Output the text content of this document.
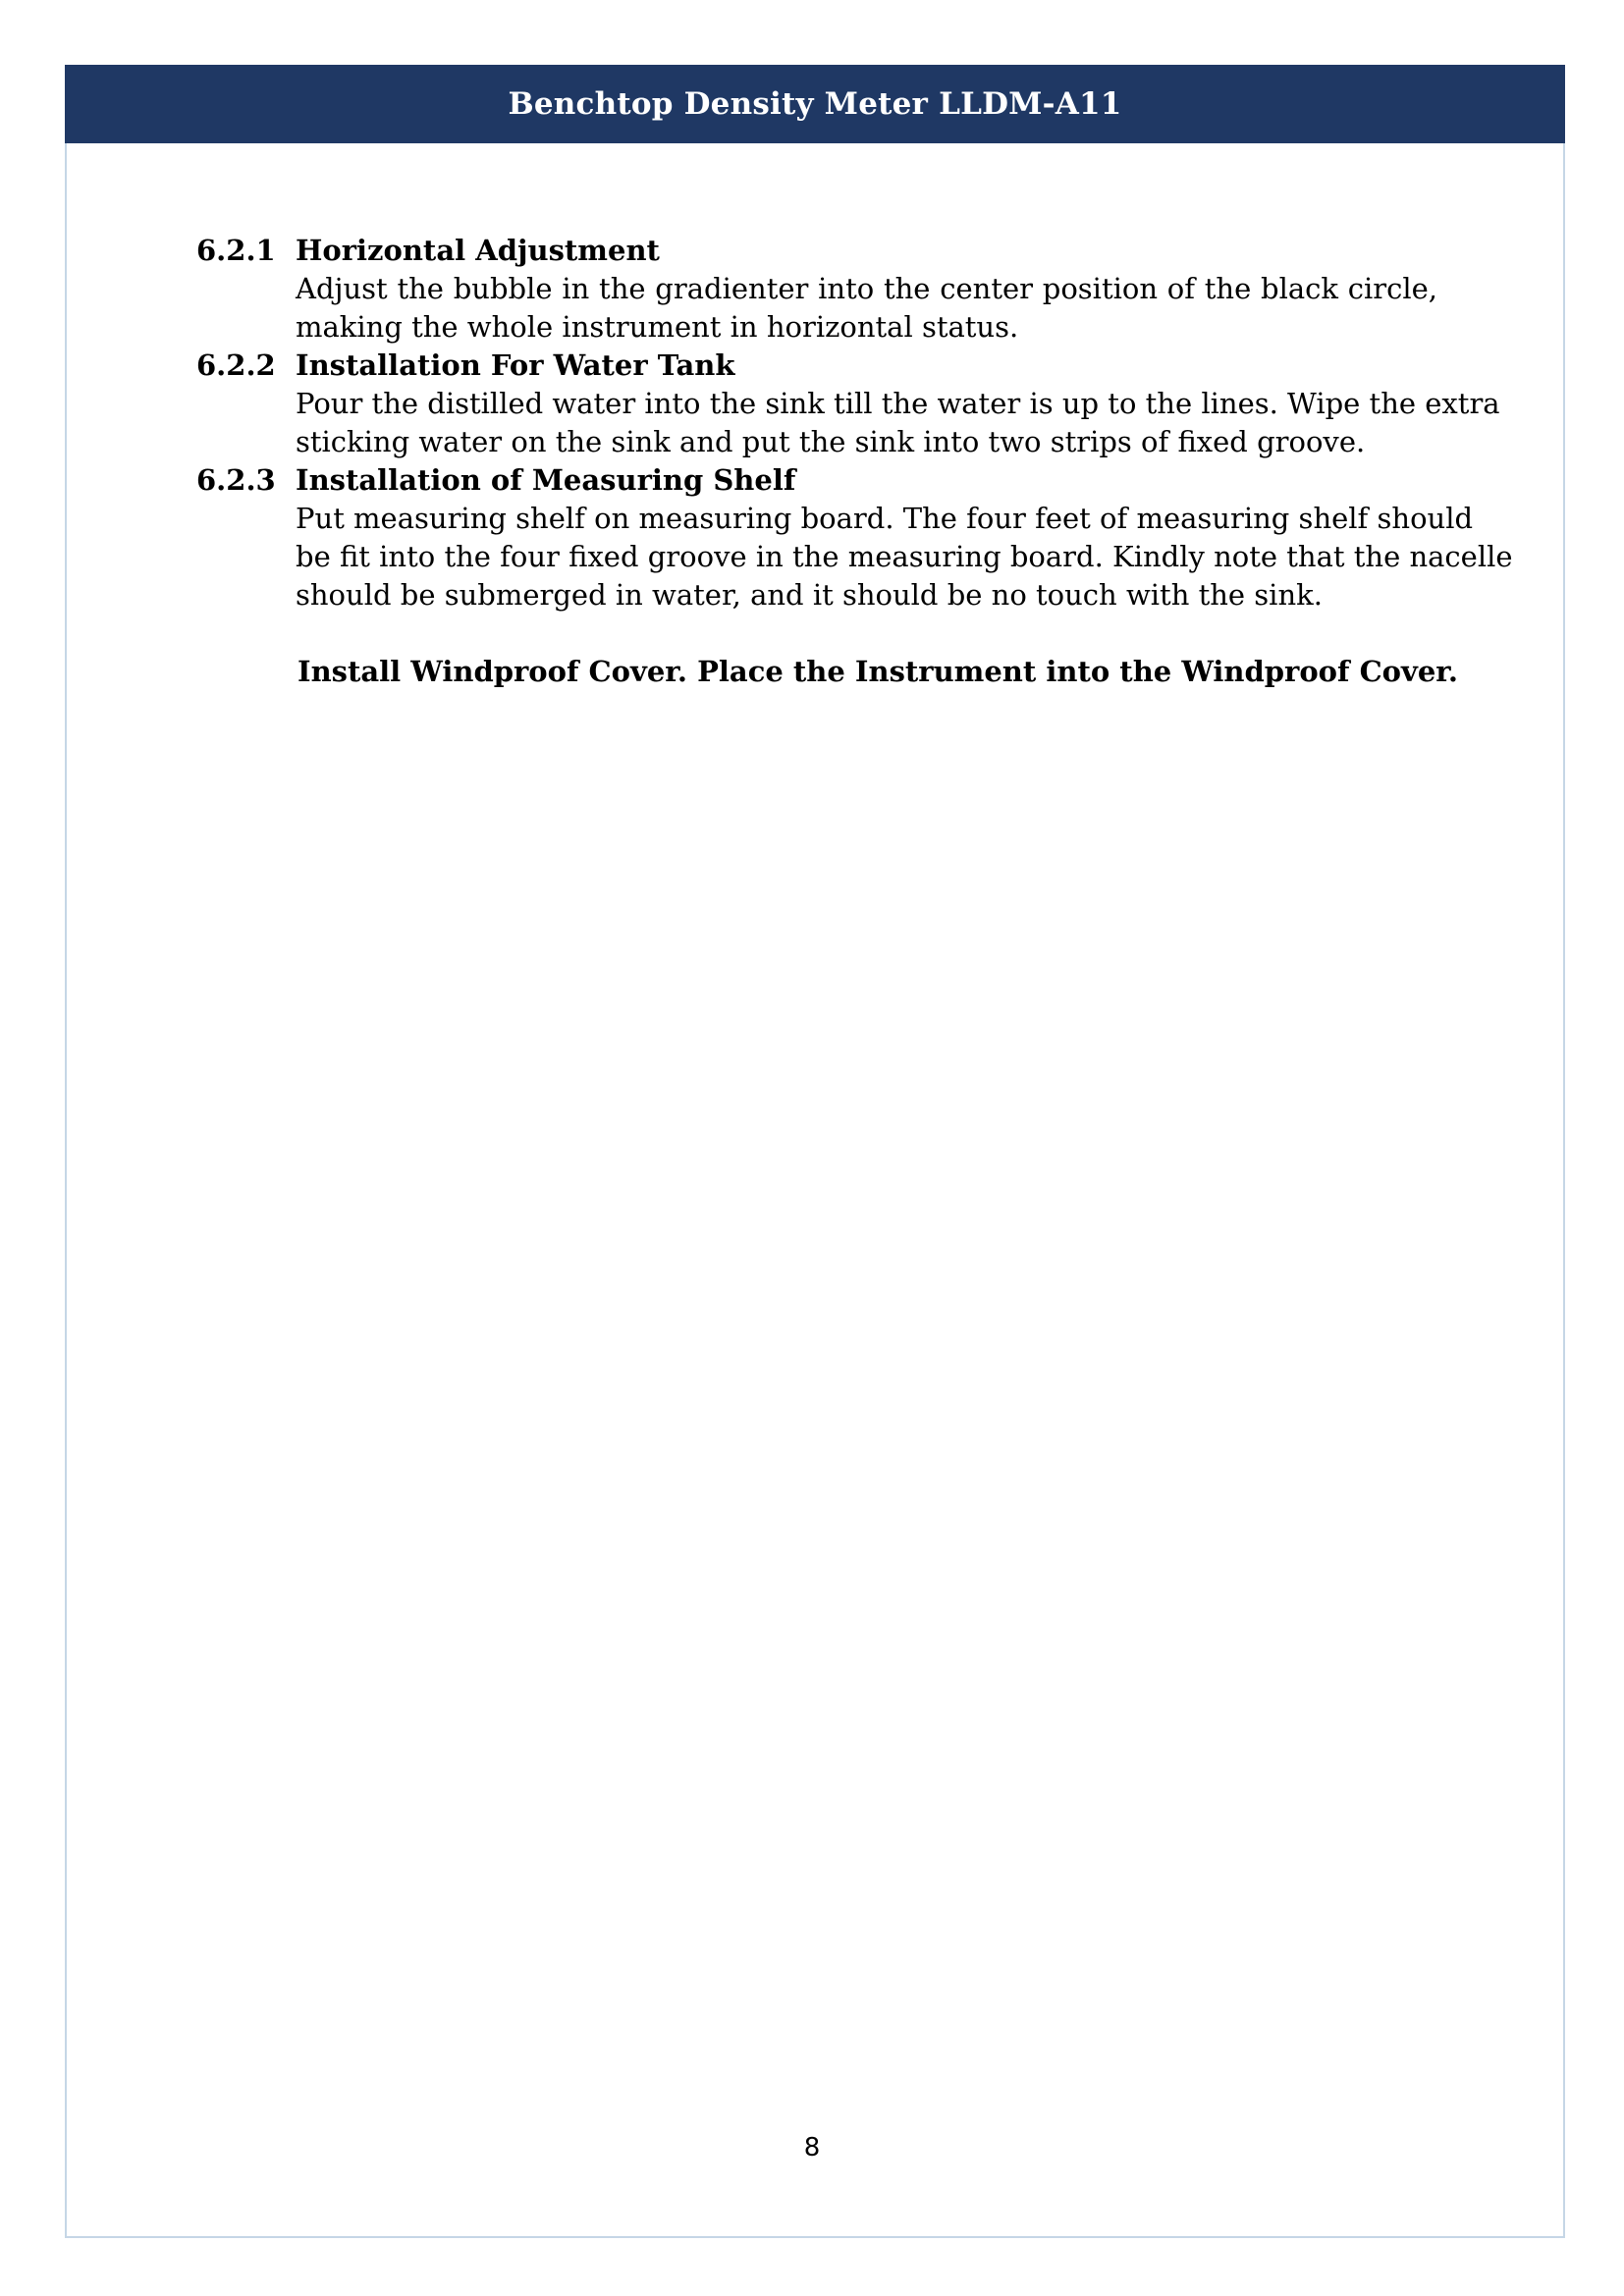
Benchtop Density Meter LLDM-A11
6.2.1 Horizontal Adjustment
Adjust the bubble in the gradienter into the center position of the black circle,
making the whole instrument in horizontal status.
6.2.2 Installation For Water Tank
Pour the distilled water into the sink till the water is up to the lines. Wipe the extra
sticking water on the sink and put the sink into two strips of fixed groove.
6.2.3 Installation of Measuring Shelf
Put measuring shelf on measuring board. The four feet of measuring shelf should
be fit into the four fixed groove in the measuring board. Kindly note that the nacelle
should be submerged in water, and it should be no touch with the sink.
Install Windproof Cover. Place the Instrument into the Windproof Cover.
8
